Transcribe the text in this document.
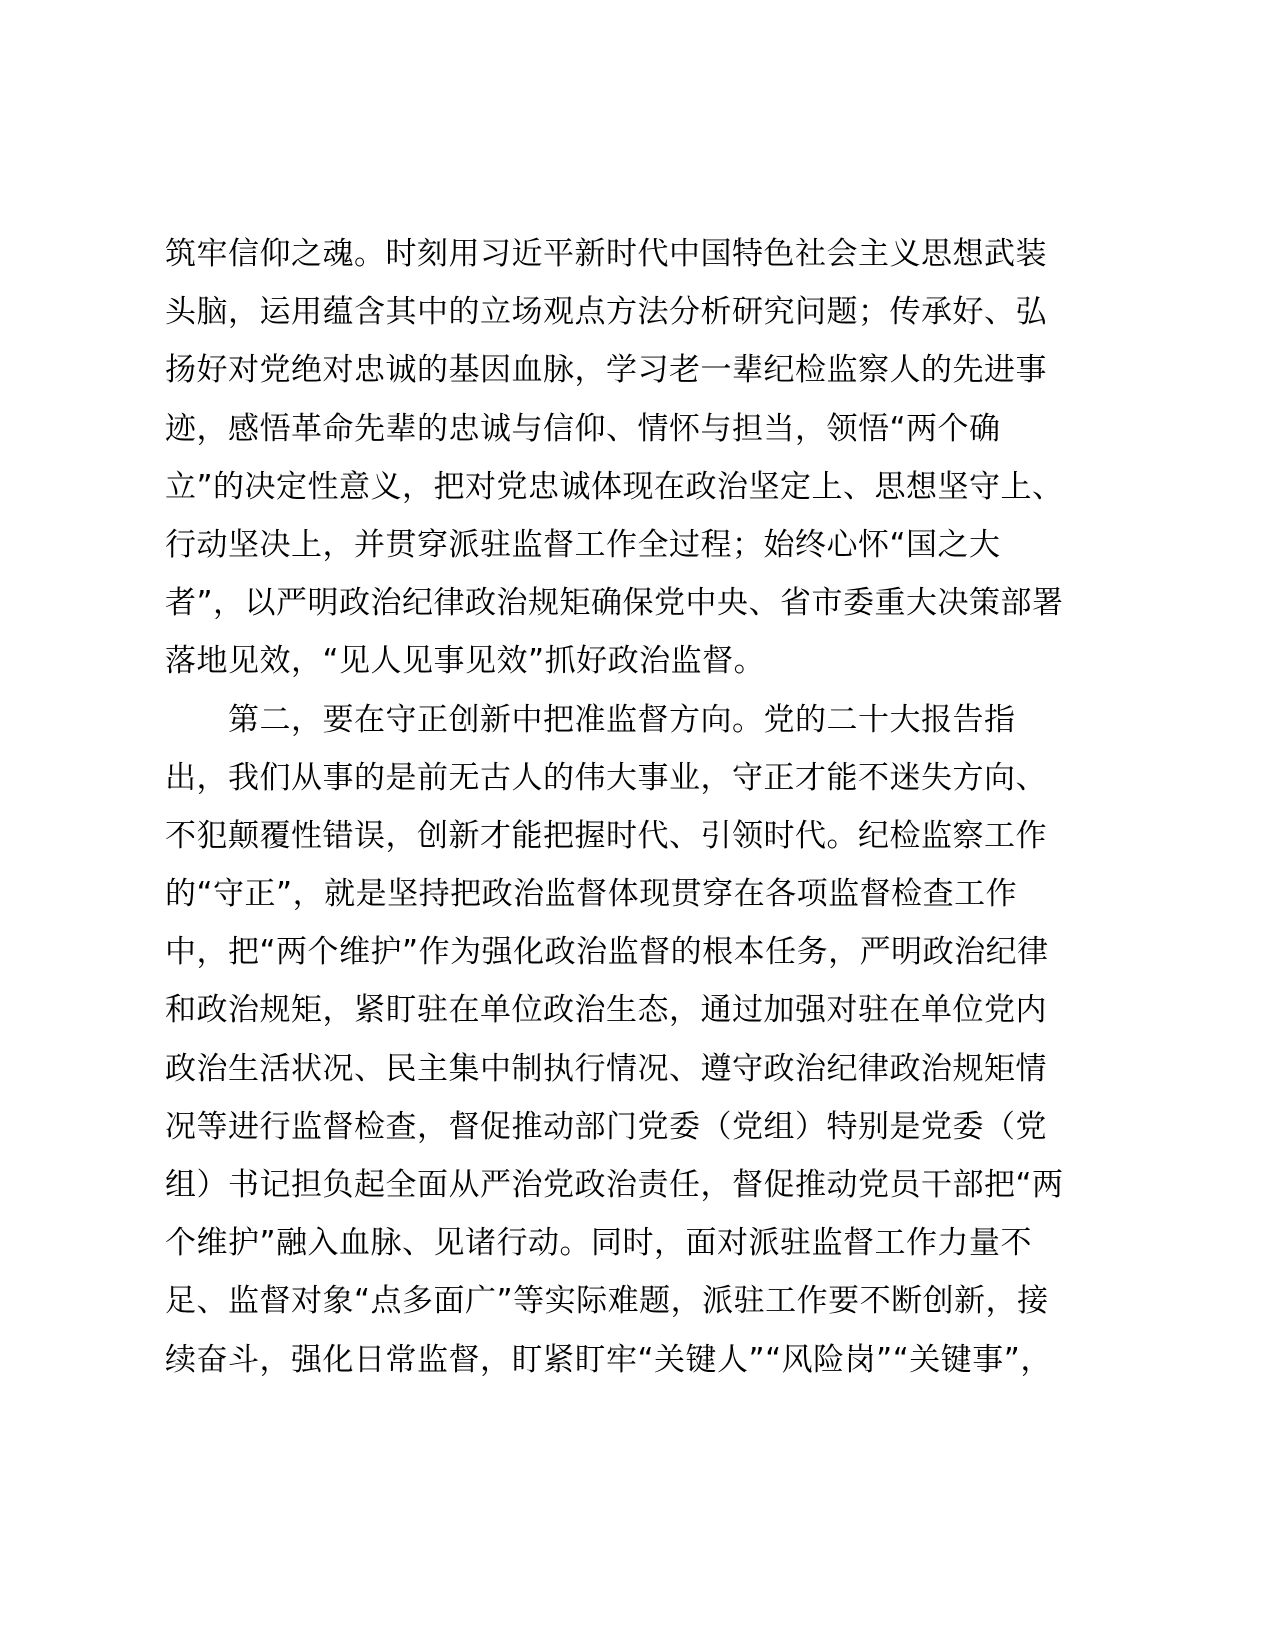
筑牢信仰之魂。时刻用习近平新时代中国特色社会主义思想武装
头脑，运用蕴含其中的立场观点方法分析研究问题；传承好、弘
扬好对党绝对忠诚的基因血脉，学习老一辈纪检监察人的先进事
迹，感悟革命先辈的忠诚与信仰、情怀与担当，领悟“两个确
立”的决定性意义，把对党忠诚体现在政治坚定上、思想坚守上、
行动坚决上，并贯穿派驻监督工作全过程；始终心怀“国之大
者”，以严明政治纪律政治规矩确保党中央、省市委重大决策部署
落地见效，“见人见事见效”抓好政治监督。
第二，要在守正创新中把准监督方向。党的二十大报告指
出，我们从事的是前无古人的伟大事业，守正才能不迷失方向、
不犯颠覆性错误，创新才能把握时代、引领时代。纪检监察工作
的“守正”，就是坚持把政治监督体现贯穿在各项监督检查工作
中，把“两个维护”作为强化政治监督的根本任务，严明政治纪律
和政治规矩，紧盯驻在单位政治生态，通过加强对驻在单位党内
政治生活状况、民主集中制执行情况、遵守政治纪律政治规矩情
况等进行监督检查，督促推动部门党委（党组）特别是党委（党
组）书记担负起全面从严治党政治责任，督促推动党员干部把“两
个维护”融入血脉、见诸行动。同时，面对派驻监督工作力量不
足、监督对象“点多面广”等实际难题，派驻工作要不断创新，接
续奋斗，强化日常监督，盯紧盯牢“关键人”“风险岗”“关键事”，
